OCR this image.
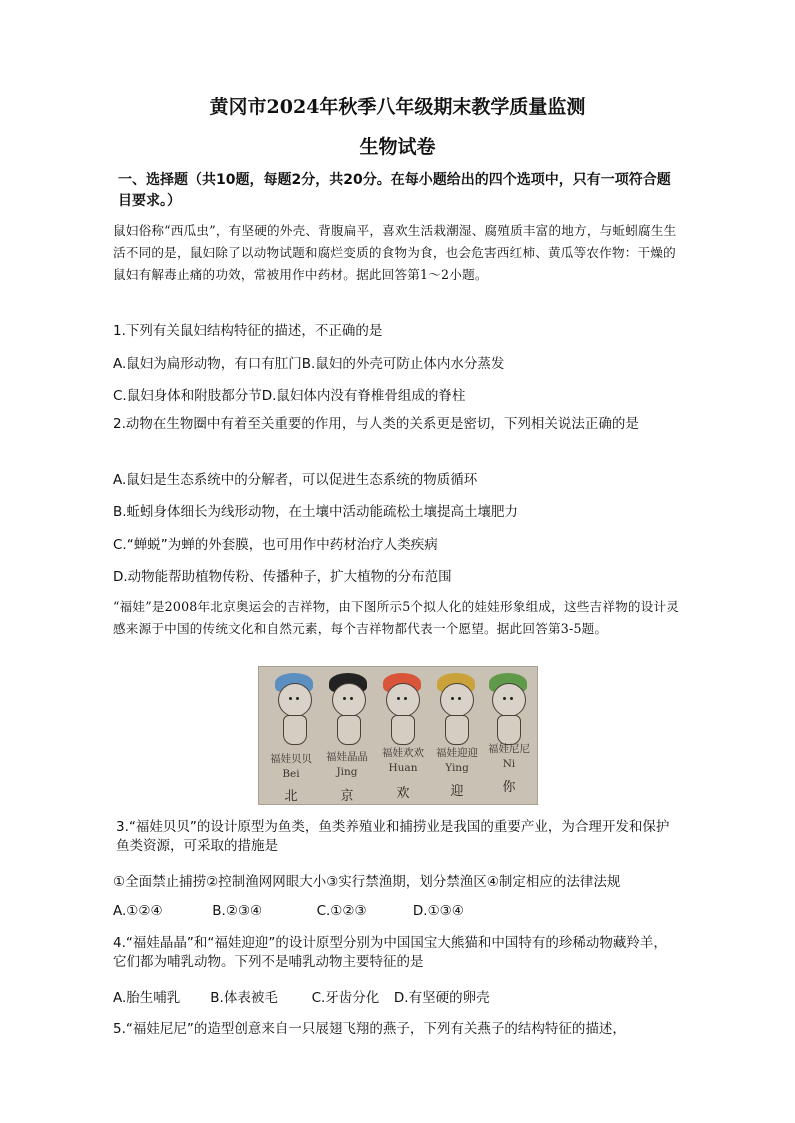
黄冈市2024年秋季八年级期末教学质量监测
生物试卷
一、选择题（共10题，每题2分，共20分。在每小题给出的四个选项中，只有一项符合题目要求。）
鼠妇俗称“西瓜虫”，有坚硬的外壳、背腹扁平，喜欢生活栽潮湿、腐殖质丰富的地方，与蚯蚓腐生生活不同的是，鼠妇除了以动物试题和腐烂变质的食物为食，也会危害西红柿、黄瓜等农作物：干燥的鼠妇有解毒止痛的功效，常被用作中药材。据此回答第1～2小题。
1.下列有关鼠妇结构特征的描述，不正确的是
A.鼠妇为扁形动物，有口有肛门B.鼠妇的外壳可防止体内水分蒸发
C.鼠妇身体和附肢都分节D.鼠妇体内没有脊椎骨组成的脊柱
2.动物在生物圈中有着至关重要的作用，与人类的关系更是密切，下列相关说法正确的是
A.鼠妇是生态系统中的分解者，可以促进生态系统的物质循环
B.蚯蚓身体细长为线形动物，在土壤中活动能疏松土壤提高土壤肥力
C.“蝉蜕”为蝉的外套膜，也可用作中药材治疗人类疾病
D.动物能帮助植物传粉、传播种子，扩大植物的分布范围
“福娃”是2008年北京奥运会的吉祥物，由下图所示5个拟人化的娃娃形象组成，这些吉祥物的设计灵感来源于中国的传统文化和自然元素，每个吉祥物都代表一个愿望。据此回答第3-5题。
福娃贝贝	福娃晶晶	福娃欢欢	福娃迎迎 福娃尼尼
Bei	Jing	Huan	Ying	Ni
北	京	欢	迎	你
3.“福娃贝贝”的设计原型为鱼类，鱼类养殖业和捕捞业是我国的重要产业，为合理开发和保护鱼类资源，可采取的措施是
①全面禁止捕捞②控制渔网网眼大小③实行禁渔期，划分禁渔区④制定相应的法律法规
A.①②④	B.②③④	C.①②③	D.①③④
4.“福娃晶晶”和“福娃迎迎”的设计原型分别为中国国宝大熊猫和中国特有的珍稀动物藏羚羊，它们都为哺乳动物。下列不是哺乳动物主要特征的是
A.胎生哺乳 B.体表被毛 C.牙齿分化 D.有坚硬的卵壳
5.“福娃尼尼”的造型创意来自一只展翅飞翔的燕子，下列有关燕子的结构特征的描述，
